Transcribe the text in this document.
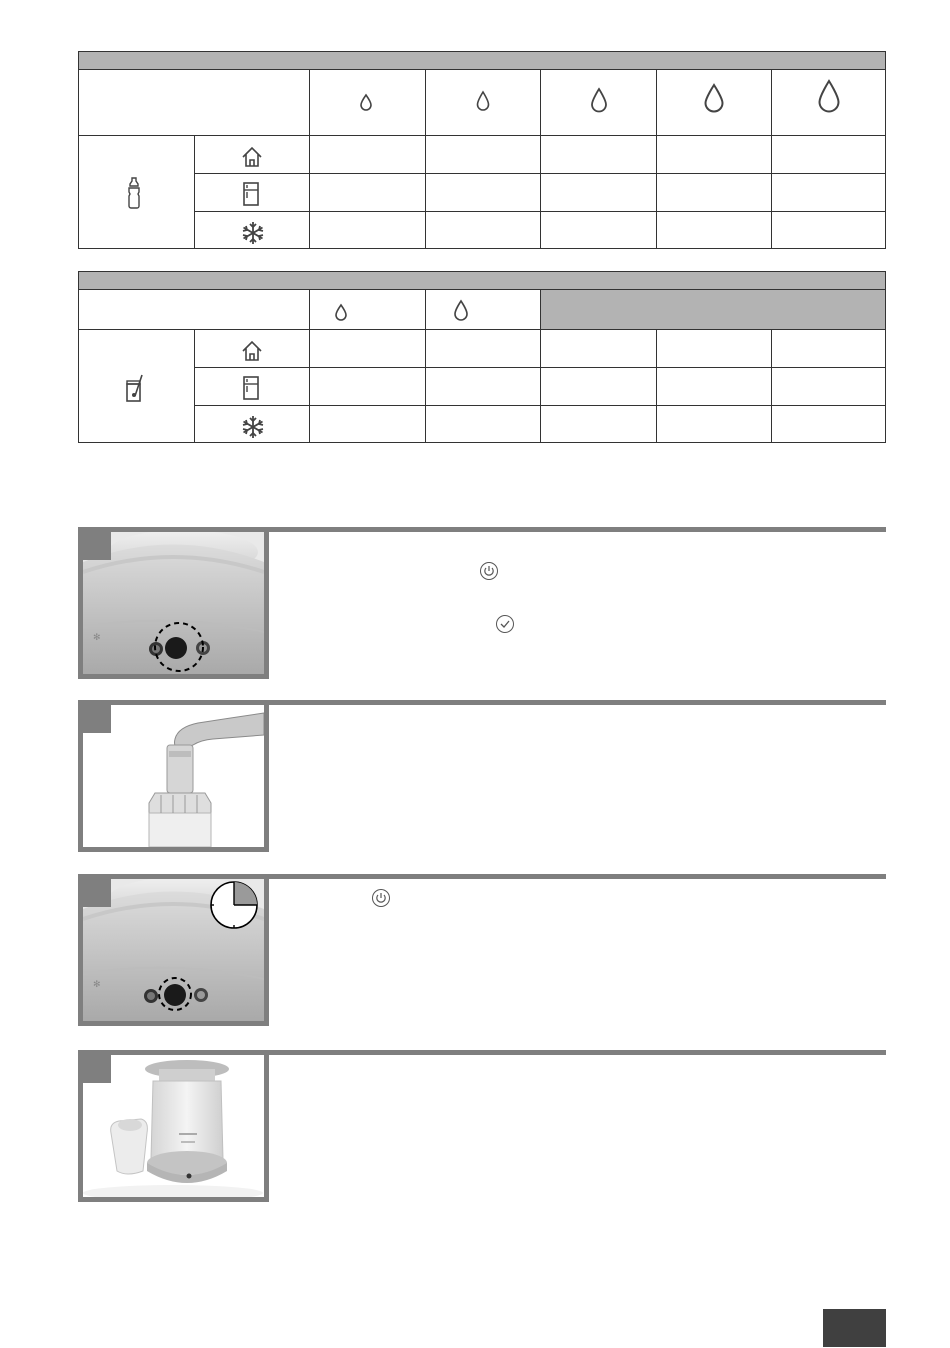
✻
✻
